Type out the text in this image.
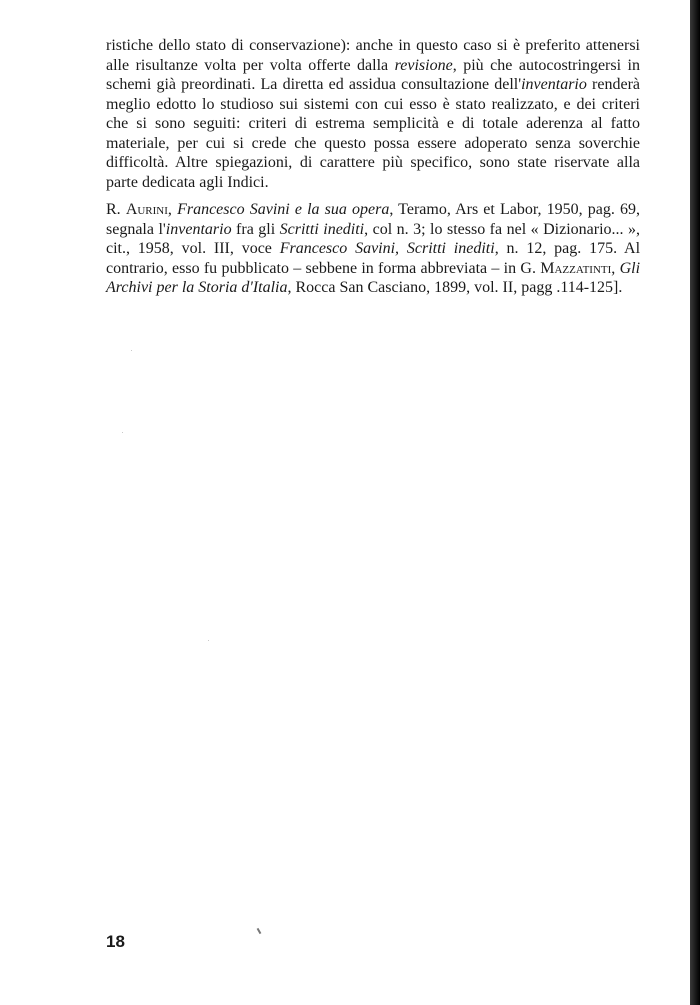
ristiche dello stato di conservazione): anche in questo caso si è preferito attenersi alle risultanze volta per volta offerte dalla revisione, più che autocostringersi in schemi già preordinati. La diretta ed assidua consultazione dell'inventario renderà meglio edotto lo studioso sui sistemi con cui esso è stato realizzato, e dei criteri che si sono seguiti: criteri di estrema semplicità e di totale aderenza al fatto materiale, per cui si crede che questo possa essere adoperato senza soverchie difficoltà. Altre spiegazioni, di carattere più specifico, sono state riservate alla parte dedicata agli Indici.

R. Aurini, Francesco Savini e la sua opera, Teramo, Ars et Labor, 1950, pag. 69, segnala l'inventario fra gli Scritti inediti, col n. 3; lo stesso fa nel « Dizionario... », cit., 1958, vol. III, voce Francesco Savini, Scritti inediti, n. 12, pag. 175. Al contrario, esso fu pubblicato – sebbene in forma abbreviata – in G. Mazzatinti, Gli Archivi per la Storia d'Italia, Rocca San Casciano, 1899, vol. II, pagg .114-125].

18
